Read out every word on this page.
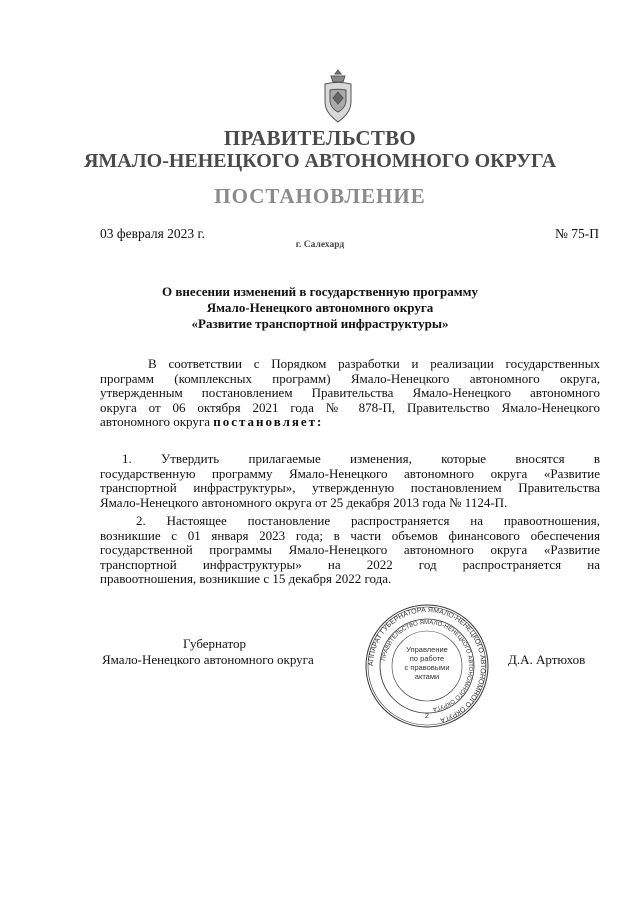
ПРАВИТЕЛЬСТВО
ЯМАЛО-НЕНЕЦКОГО АВТОНОМНОГО ОКРУГА
ПОСТАНОВЛЕНИЕ
03 февраля 2023 г.	№ 75-П
г. Салехард
О внесении изменений в государственную программу
Ямало-Ненецкого автономного округа
«Развитие транспортной инфраструктуры»
В соответствии с Порядком разработки и реализации государственных
программ (комплексных программ) Ямало-Ненецкого автономного округа,
утвержденным постановлением Правительства Ямало-Ненецкого автономного
округа от 06 октября 2021 года № 878-П, Правительство Ямало-Ненецкого
автономного округа постановляет:
1. Утвердить прилагаемые изменения, которые вносятся в
государственную программу Ямало-Ненецкого автономного округа «Развитие
транспортной инфраструктуры», утвержденную постановлением Правительства
Ямало-Ненецкого автономного округа от 25 декабря 2013 года № 1124-П.
2. Настоящее постановление распространяется на правоотношения,
возникшие с 01 января 2023 года; в части объемов финансового обеспечения
государственной программы Ямало-Ненецкого автономного округа «Развитие
транспортной инфраструктуры» на 2022 год распространяется на
правоотношения, возникшие с 15 декабря 2022 года.
Губернатор
Ямало-Ненецкого автономного округа	Д.А. Артюхов
АППАРАТ ГУБЕРНАТОРА ЯМАЛО-НЕНЕЦКОГО АВТОНОМНОГО ОКРУГА
ПРАВИТЕЛЬСТВО ЯМАЛО-НЕНЕЦКОГО АВТОНОМНОГО ОКРУГА
2
Управление
по работе
с правовыми
актами
